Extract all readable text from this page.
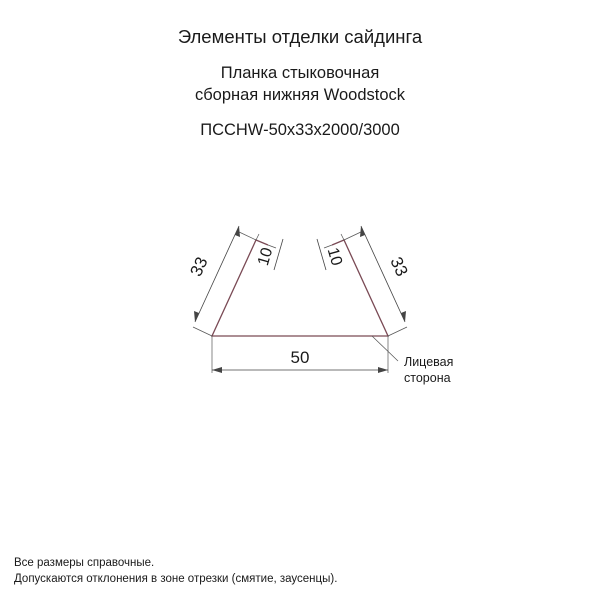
Элементы отделки сайдинга
Планка стыковочная
сборная нижняя Woodstock
ПССНW-50х33х2000/3000
50
33	33
10	10
Лицевая
сторона
Все размеры справочные.
Допускаются отклонения в зоне отрезки (смятие, заусенцы).
